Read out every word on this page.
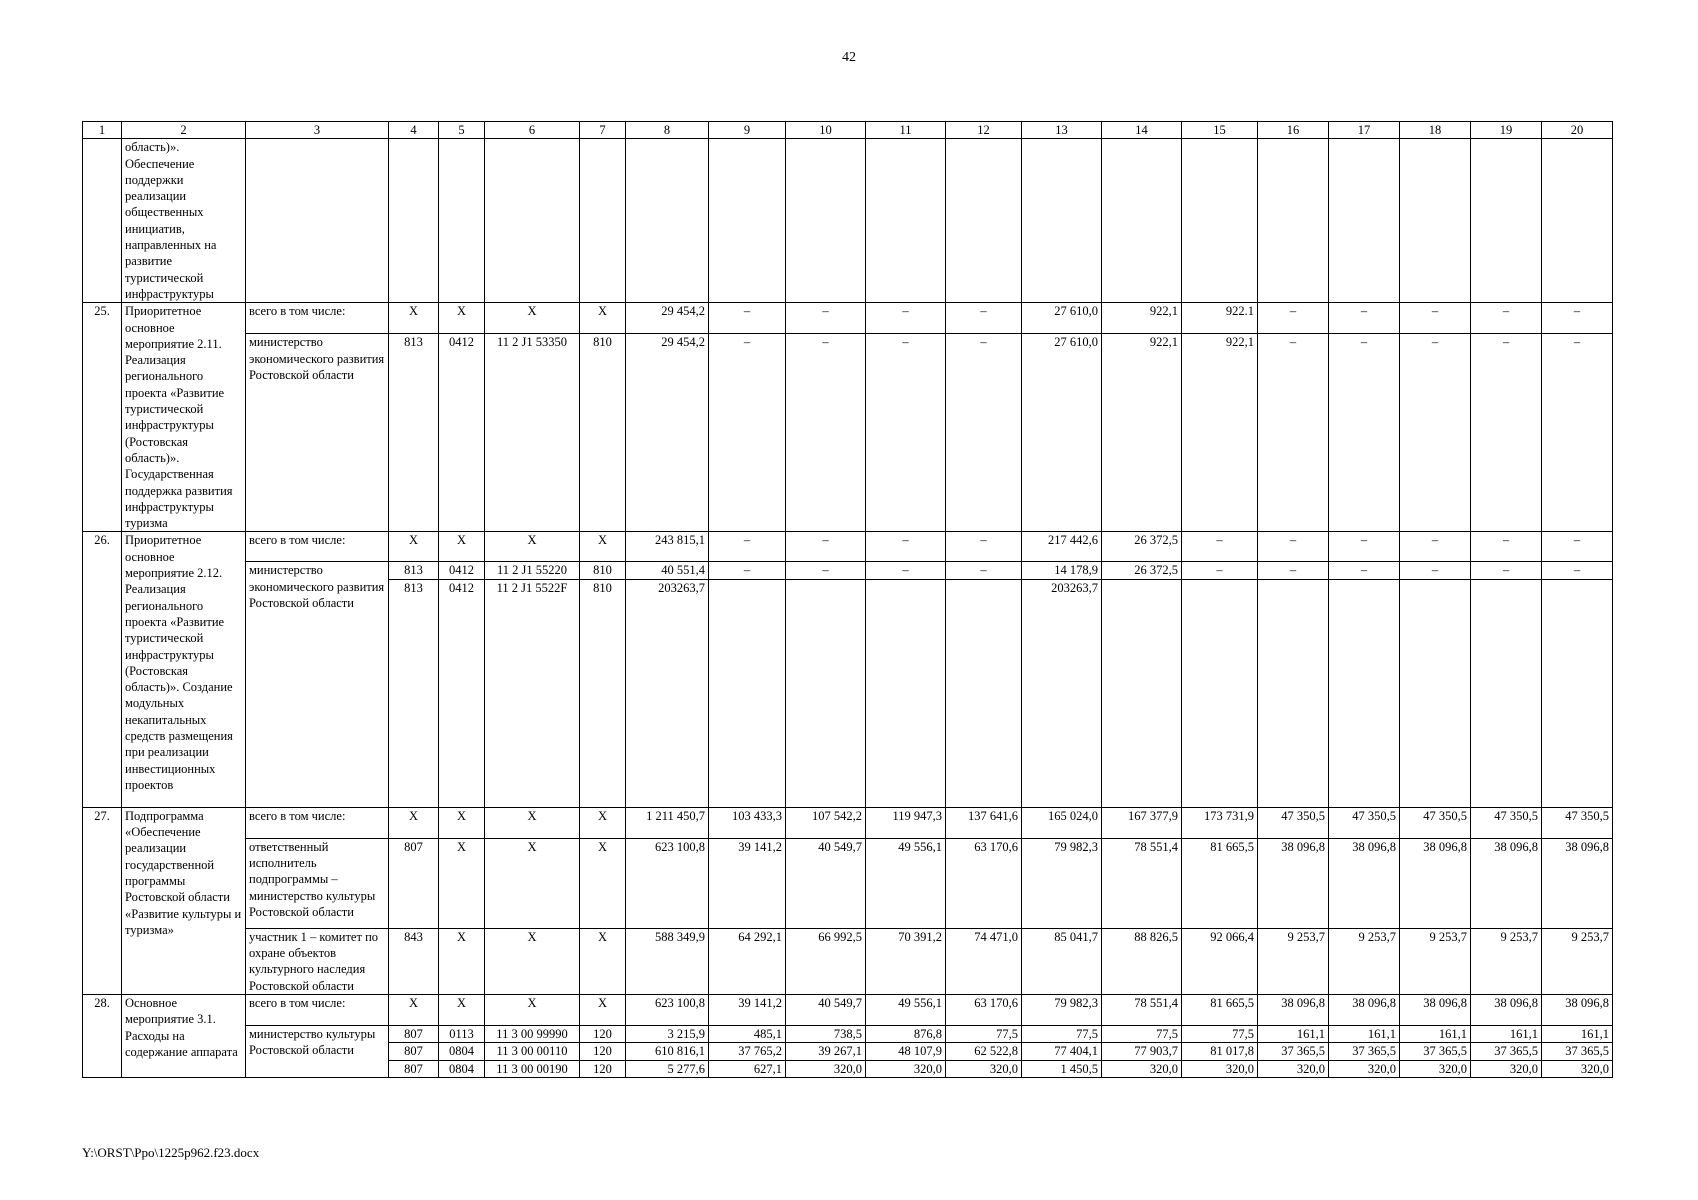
42
1	2	3	4	5	6	7	8	9	10	11	12	13	14	15	16	17	18	19	20
	область)». Обеспечение поддержки реализации общественных инициатив, направленных на развитие туристической инфраструктуры																		
25.	Приоритетное основное мероприятие 2.11. Реализация регионального проекта «Развитие туристической инфраструктуры (Ростовская область)». Государственная поддержка развития инфраструктуры туризма	всего в том числе:	X	X	X	X	29 454,2	–	–	–	–	27 610,0	922,1	922.1	–	–	–	–	–
		министерство экономического развития Ростовской области	813	0412	11 2 J1 53350	810	29 454,2	–	–	–	–	27 610,0	922,1	922,1	–	–	–	–	–
26.	Приоритетное основное мероприятие 2.12. Реализация регионального проекта «Развитие туристической инфраструктуры (Ростовская область)». Создание модульных некапитальных средств размещения при реализации инвестиционных проектов	всего в том числе:	X	X	X	X	243 815,1	–	–	–	–	217 442,6	26 372,5	–	–	–	–	–	–
		министерство экономического развития Ростовской области	813	0412	11 2 J1 55220	810	40 551,4	–	–	–	–	14 178,9	26 372,5	–	–	–	–	–	–
			813	0412	11 2 J1 5522F	810	203263,7					203263,7							
27.	Подпрограмма «Обеспечение реализации государственной программы Ростовской области «Развитие культуры и туризма»	всего в том числе:	X	X	X	X	1 211 450,7	103 433,3	107 542,2	119 947,3	137 641,6	165 024,0	167 377,9	173 731,9	47 350,5	47 350,5	47 350,5	47 350,5	47 350,5
		ответственный исполнитель подпрограммы – министерство культуры Ростовской области	807	X	X	X	623 100,8	39 141,2	40 549,7	49 556,1	63 170,6	79 982,3	78 551,4	81 665,5	38 096,8	38 096,8	38 096,8	38 096,8	38 096,8
		участник 1 – комитет по охране объектов культурного наследия Ростовской области	843	X	X	X	588 349,9	64 292,1	66 992,5	70 391,2	74 471,0	85 041,7	88 826,5	92 066,4	9 253,7	9 253,7	9 253,7	9 253,7	9 253,7
28.	Основное мероприятие 3.1. Расходы на содержание аппарата	всего в том числе:	X	X	X	X	623 100,8	39 141,2	40 549,7	49 556,1	63 170,6	79 982,3	78 551,4	81 665,5	38 096,8	38 096,8	38 096,8	38 096,8	38 096,8
		министерство культуры Ростовской области	807	0113	11 3 00 99990	120	3 215,9	485,1	738,5	876,8	77,5	77,5	77,5	77,5	161,1	161,1	161,1	161,1	161,1
			807	0804	11 3 00 00110	120	610 816,1	37 765,2	39 267,1	48 107,9	62 522,8	77 404,1	77 903,7	81 017,8	37 365,5	37 365,5	37 365,5	37 365,5	37 365,5
			807	0804	11 3 00 00190	120	5 277,6	627,1	320,0	320,0	320,0	1 450,5	320,0	320,0	320,0	320,0	320,0	320,0	320,0
Y:\ORST\Ppo\1225p962.f23.docx
